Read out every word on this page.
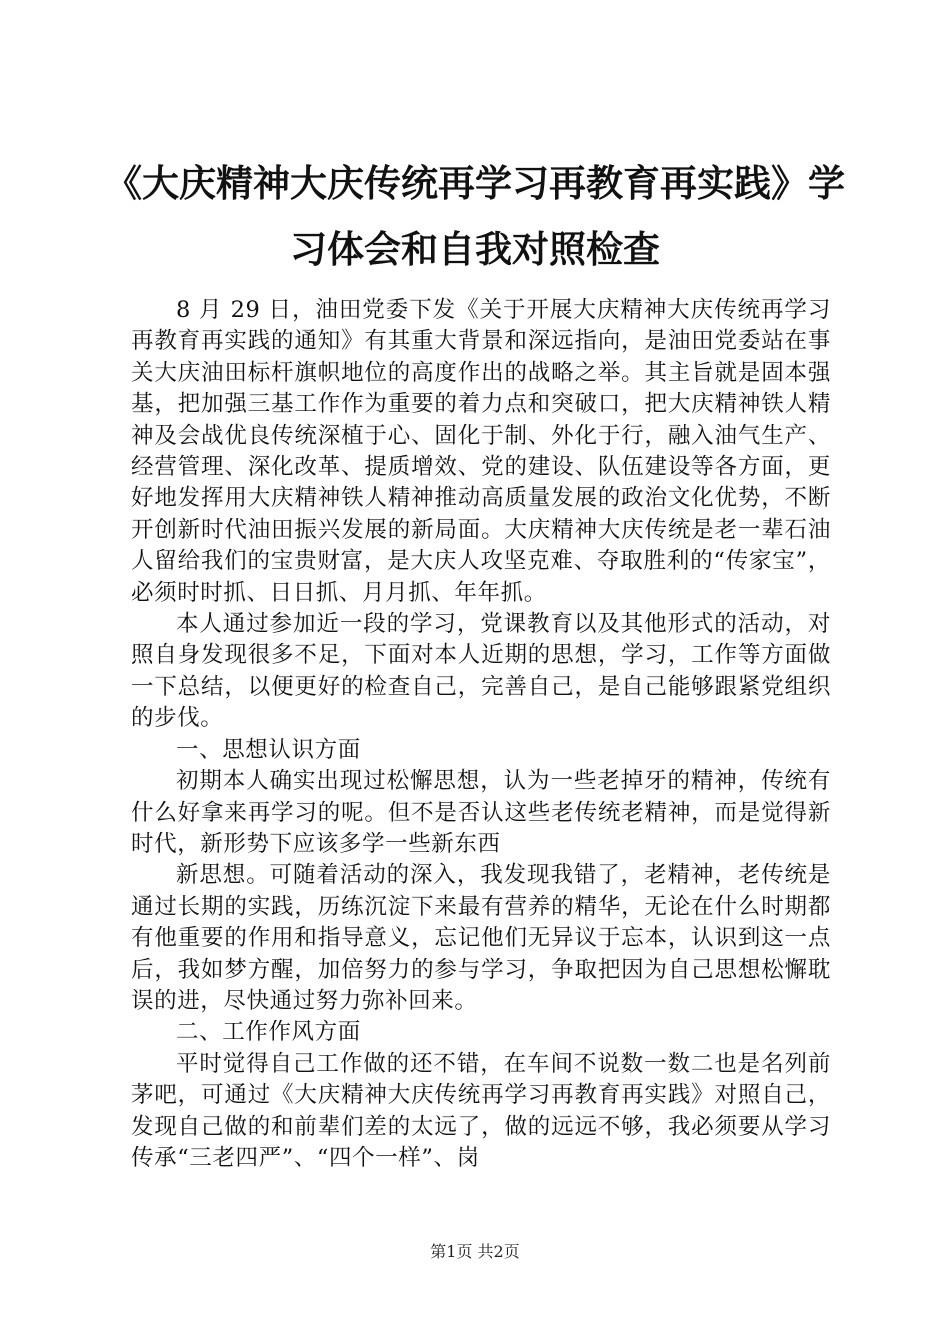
《大庆精神大庆传统再学习再教育再实践》学
习体会和自我对照检查

8 月 29 日，油田党委下发《关于开展大庆精神大庆传统再学习再教育再实践的通知》有其重大背景和深远指向，是油田党委站在事关大庆油田标杆旗帜地位的高度作出的战略之举。其主旨就是固本强基，把加强三基工作作为重要的着力点和突破口，把大庆精神铁人精神及会战优良传统深植于心、固化于制、外化于行，融入油气生产、经营管理、深化改革、提质增效、党的建设、队伍建设等各方面，更好地发挥用大庆精神铁人精神推动高质量发展的政治文化优势，不断开创新时代油田振兴发展的新局面。大庆精神大庆传统是老一辈石油人留给我们的宝贵财富，是大庆人攻坚克难、夺取胜利的“传家宝”，必须时时抓、日日抓、月月抓、年年抓。

本人通过参加近一段的学习，党课教育以及其他形式的活动，对照自身发现很多不足，下面对本人近期的思想，学习，工作等方面做一下总结，以便更好的检查自己，完善自己，是自己能够跟紧党组织的步伐。

一、思想认识方面

初期本人确实出现过松懈思想，认为一些老掉牙的精神，传统有什么好拿来再学习的呢。但不是否认这些老传统老精神，而是觉得新时代，新形势下应该多学一些新东西

新思想。可随着活动的深入，我发现我错了，老精神，老传统是通过长期的实践，历练沉淀下来最有营养的精华，无论在什么时期都有他重要的作用和指导意义，忘记他们无异议于忘本，认识到这一点后，我如梦方醒，加倍努力的参与学习，争取把因为自己思想松懈耽误的进，尽快通过努力弥补回来。

二、工作作风方面

平时觉得自己工作做的还不错，在车间不说数一数二也是名列前茅吧，可通过《大庆精神大庆传统再学习再教育再实践》对照自己，发现自己做的和前辈们差的太远了，做的远远不够，我必须要从学习传承“三老四严”、“四个一样”、岗

第1页 共2页
